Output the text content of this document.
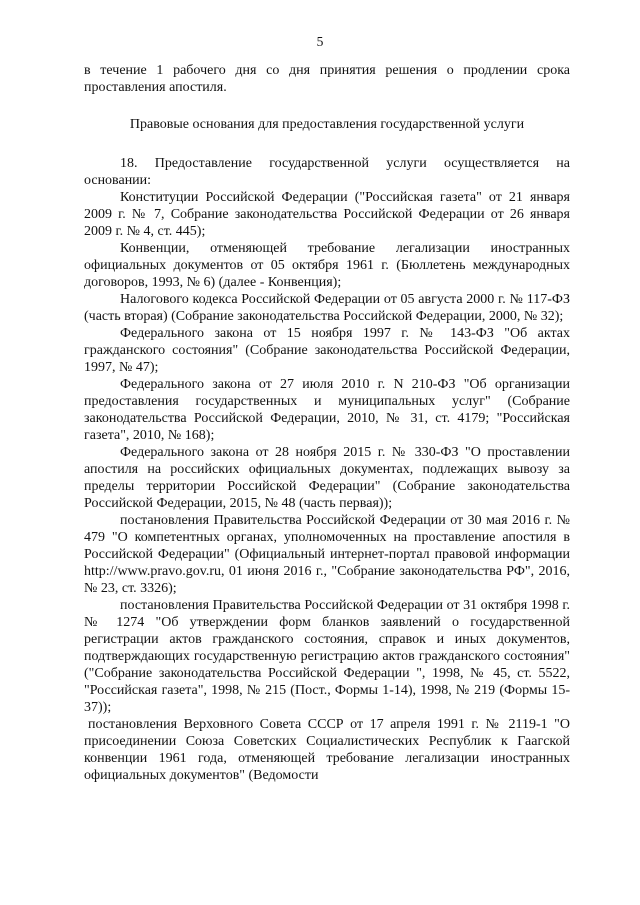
5

в течение 1 рабочего дня со дня принятия решения о продлении срока проставления апостиля.

Правовые основания для предоставления государственной услуги

18. Предоставление государственной услуги осуществляется на основании:

Конституции Российской Федерации ("Российская газета" от 21 января 2009 г. № 7, Собрание законодательства Российской Федерации от 26 января 2009 г. № 4, ст. 445);

Конвенции, отменяющей требование легализации иностранных официальных документов от 05 октября 1961 г. (Бюллетень международных договоров, 1993, № 6) (далее - Конвенция);

Налогового кодекса Российской Федерации от 05 августа 2000 г. № 117-ФЗ (часть вторая) (Собрание законодательства Российской Федерации, 2000, № 32);

Федерального закона от 15 ноября 1997 г. № 143-ФЗ "Об актах гражданского состояния" (Собрание законодательства Российской Федерации, 1997, № 47);

Федерального закона от 27 июля 2010 г. N 210-ФЗ "Об организации предоставления государственных и муниципальных услуг" (Собрание законодательства Российской Федерации, 2010, № 31, ст. 4179; "Российская газета", 2010, № 168);

Федерального закона от 28 ноября 2015 г. № 330-ФЗ "О проставлении апостиля на российских официальных документах, подлежащих вывозу за пределы территории Российской Федерации" (Собрание законодательства Российской Федерации, 2015, № 48 (часть первая));

постановления Правительства Российской Федерации от 30 мая 2016 г. № 479 "О компетентных органах, уполномоченных на проставление апостиля в Российской Федерации" (Официальный интернет-портал правовой информации http://www.pravo.gov.ru, 01 июня 2016 г., "Собрание законодательства РФ", 2016, № 23, ст. 3326);

постановления Правительства Российской Федерации от 31 октября 1998 г. № 1274 "Об утверждении форм бланков заявлений о государственной регистрации актов гражданского состояния, справок и иных документов, подтверждающих государственную регистрацию актов гражданского состояния" ("Собрание законодательства Российской Федерации ", 1998, № 45, ст. 5522, "Российская газета", 1998, № 215 (Пост., Формы 1-14), 1998, № 219 (Формы 15-37));

постановления Верховного Совета СССР от 17 апреля 1991 г. № 2119-1 "О присоединении Союза Советских Социалистических Республик к Гаагской конвенции 1961 года, отменяющей требование легализации иностранных официальных документов" (Ведомости
